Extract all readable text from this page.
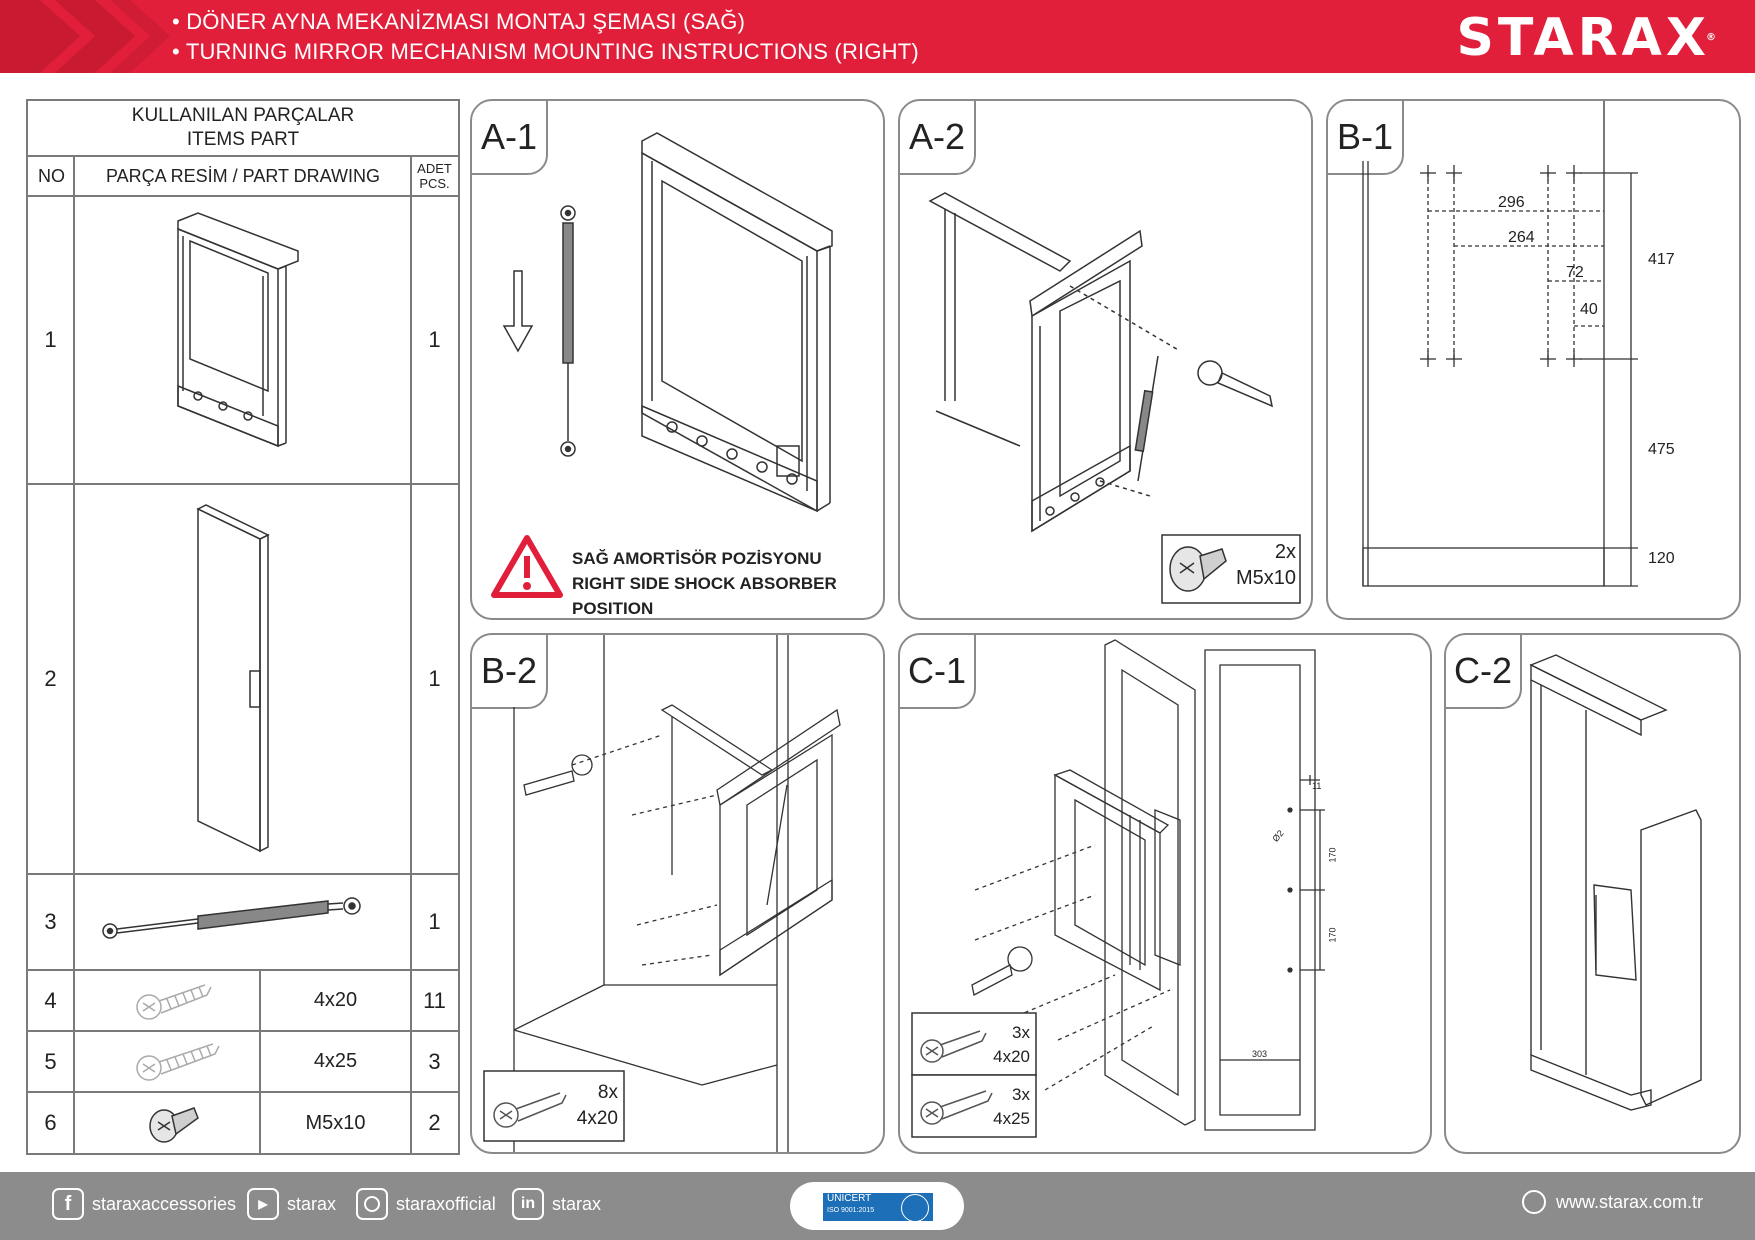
• DÖNER AYNA MEKANİZMASI MONTAJ ŞEMASI (SAĞ)
• TURNING MIRROR MECHANISM MOUNTING INSTRUCTIONS (RIGHT)	STARAX
®
KULLANILAN PARÇALAR
ITEMS PART
NO	PARÇA RESİM / PART DRAWING	ADET
PCS.
1	1
2	1
3	1
4	4x20	11
5	4x25	3
6	M5x10	2
A-1
SAĞ AMORTİSÖR POZİSYONU
RIGHT SIDE SHOCK ABSORBER POSITION
A-2
2x
M5x10
B-1
296
264
72
40
417
475
120
B-2
8x
4x20
C-1
3x
4x20
3x
4x25
11
170
170
303
Ø2
C-2
f	staraxaccessories	▶	starax	staraxofficial	in starax	UNICERT
ISO 9001:2015	www.starax.com.tr
